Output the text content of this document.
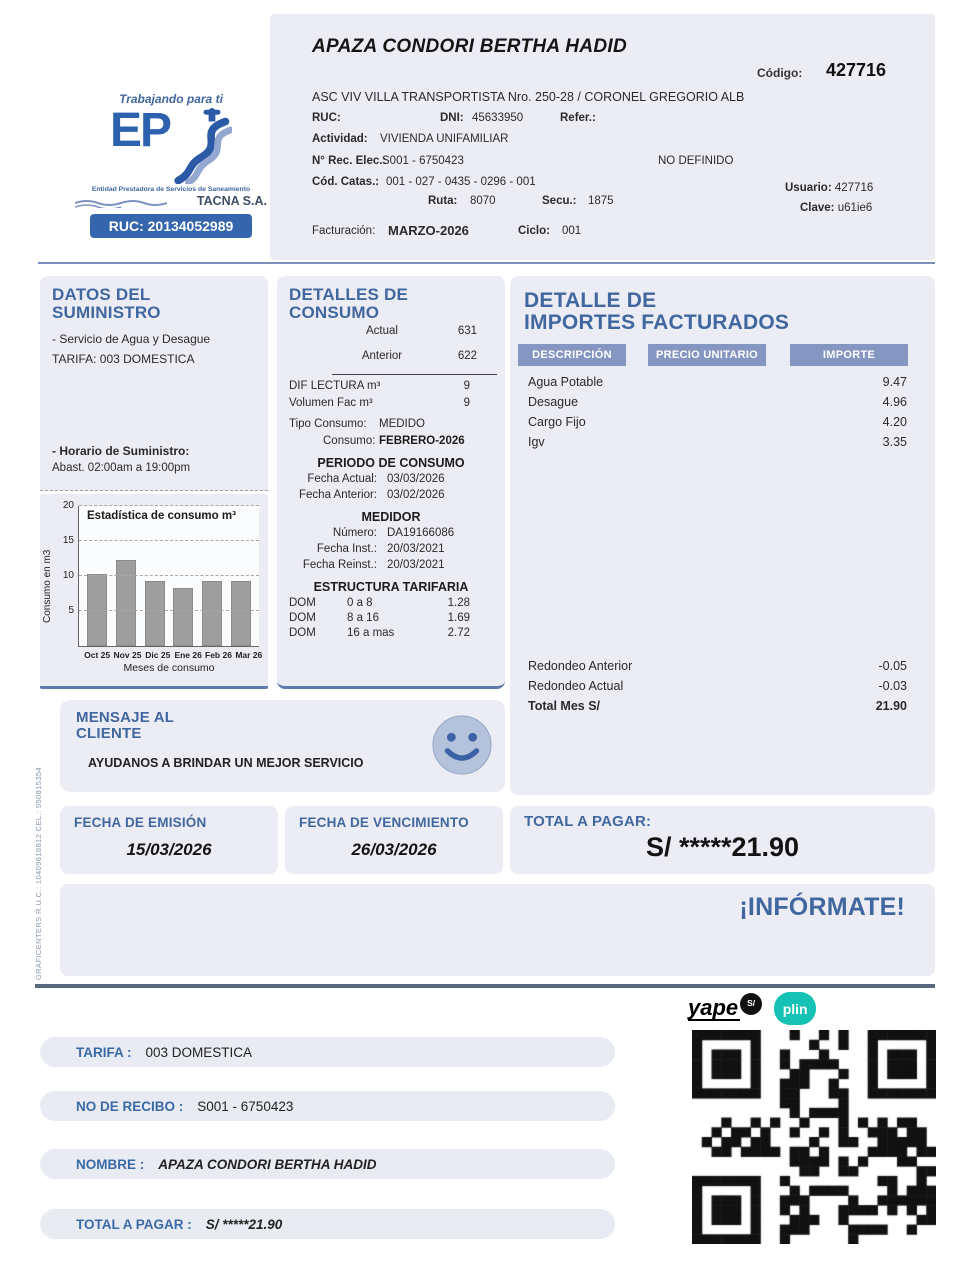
Trabajando para ti
EP
Entidad Prestadora de Servicios de Saneamiento
TACNA S.A.
RUC: 20134052989
APAZA CONDORI BERTHA HADID
Código: 427716
ASC VIV VILLA TRANSPORTISTA Nro. 250-28 / CORONEL GREGORIO ALB
RUC:	DNI: 45633950	Refer.:
Actividad: VIVIENDA UNIFAMILIAR
N° Rec. Elec.:
S001 - 6750423	NO DEFINIDO
Cód. Catas.: 001 - 027 - 0435 - 0296 - 001
Ruta: 8070	Secu.: 1875
Usuario: 427716
Clave: u61ie6
Facturación: MARZO-2026	Ciclo: 001
DATOS DEL
SUMINISTRO
- Servicio de Agua y Desague
TARIFA: 003 DOMESTICA
- Horario de Suministro:
Abast. 02:00am a 19:00pm
5
10
15
20
Estadística de consumo m³
Consumo en m3
Oct 25 Nov 25 Dic 25 Ene 26 Feb 26 Mar 26
Meses de consumo
DETALLES DE
CONSUMO
Actual	631
Anterior	622
DIF LECTURA m³	9
Volumen Fac m³	9
Tipo Consumo: MEDIDO
Consumo: FEBRERO-2026
PERIODO DE CONSUMO
Fecha Actual: 03/03/2026
Fecha Anterior: 03/02/2026
MEDIDOR
Número: DA19166086
Fecha Inst.: 20/03/2021
Fecha Reinst.: 20/03/2021
ESTRUCTURA TARIFARIA
DOM	0 a 8	1.28
DOM	8 a 16	1.69
DOM	16 a mas	2.72
DETALLE DE
IMPORTES FACTURADOS
DESCRIPCIÓN	PRECIO UNITARIO	IMPORTE
Agua Potable	9.47
Desague	4.96
Cargo Fijo	4.20
Igv	3.35
Redondeo Anterior	-0.05
Redondeo Actual	-0.03
Total Mes S/	21.90
MENSAJE AL
CLIENTE
AYUDANOS A BRINDAR UN MEJOR SERVICIO
FECHA DE EMISIÓN
15/03/2026
FECHA DE VENCIMIENTO
26/03/2026
TOTAL A PAGAR:
S/ *****21.90
¡INFÓRMATE!
GRAFICENTERS R.U.C.: 10409618812 CEL.: 950815354
yape	S/	plin
TARIFA : 003 DOMESTICA
NO DE RECIBO : S001 - 6750423
NOMBRE : APAZA CONDORI BERTHA HADID
TOTAL A PAGAR : S/ *****21.90
